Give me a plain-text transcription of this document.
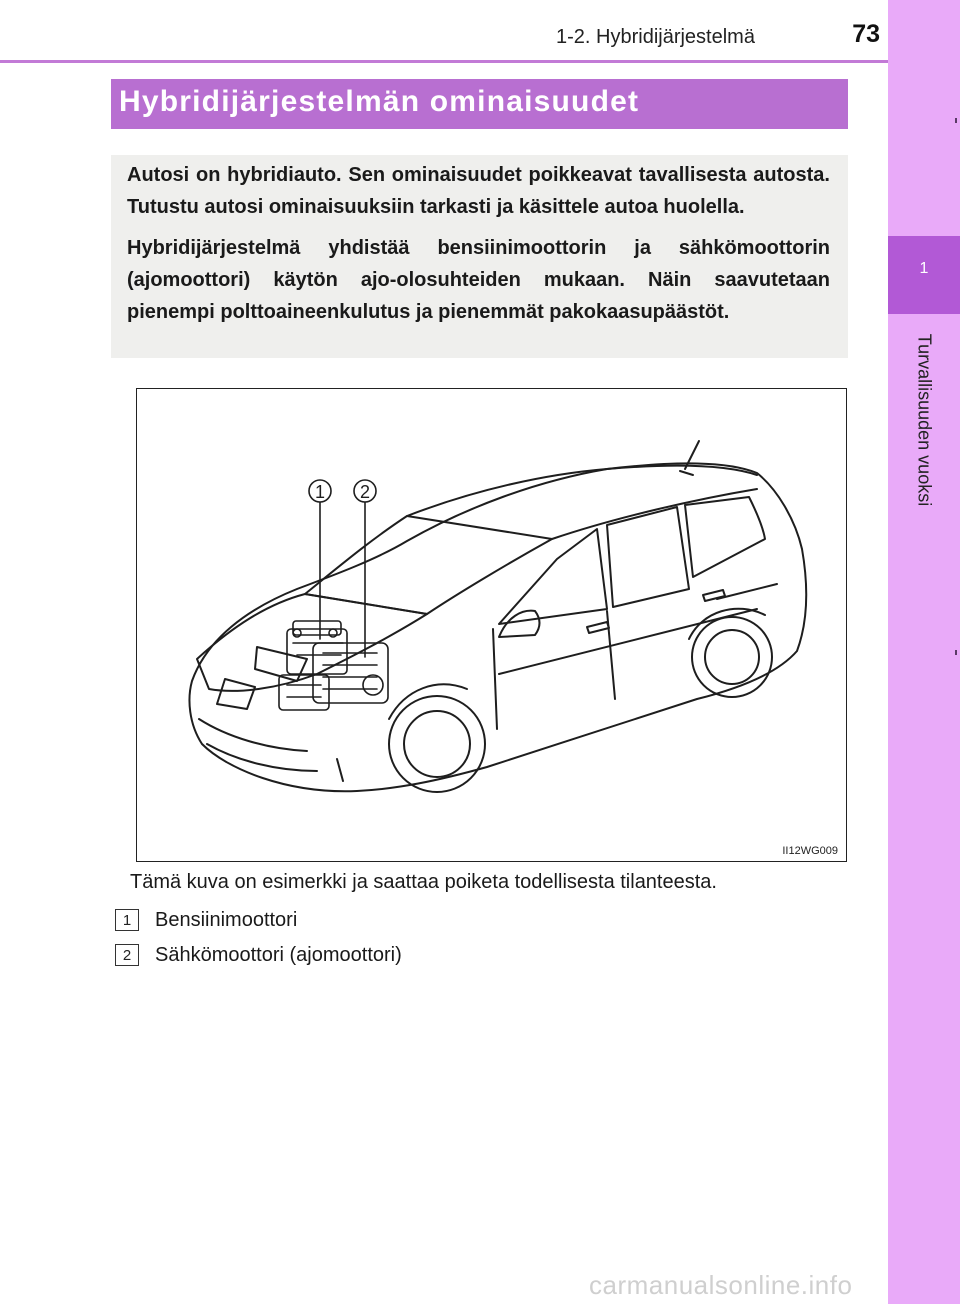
1-2. Hybridijärjestelmä	73
1
Turvallisuuden vuoksi
Hybridijärjestelmän ominaisuudet

Autosi on hybridiauto. Sen ominaisuudet poikkeavat tavallisesta autosta. Tutustu autosi ominaisuuksiin tarkasti ja käsittele autoa huolella.

Hybridijärjestelmä yhdistää bensiinimoottorin ja sähkömoottorin (ajomoottori) käytön ajo-olosuhteiden mukaan. Näin saavutetaan pienempi polttoaineenkulutus ja pienemmät pakokaasupäästöt.

1 2
II12WG009
Tämä kuva on esimerkki ja saattaa poiketa todellisesta tilanteesta.
1	Bensiinimoottori
2	Sähkömoottori (ajomoottori)
carmanualsonline.info
